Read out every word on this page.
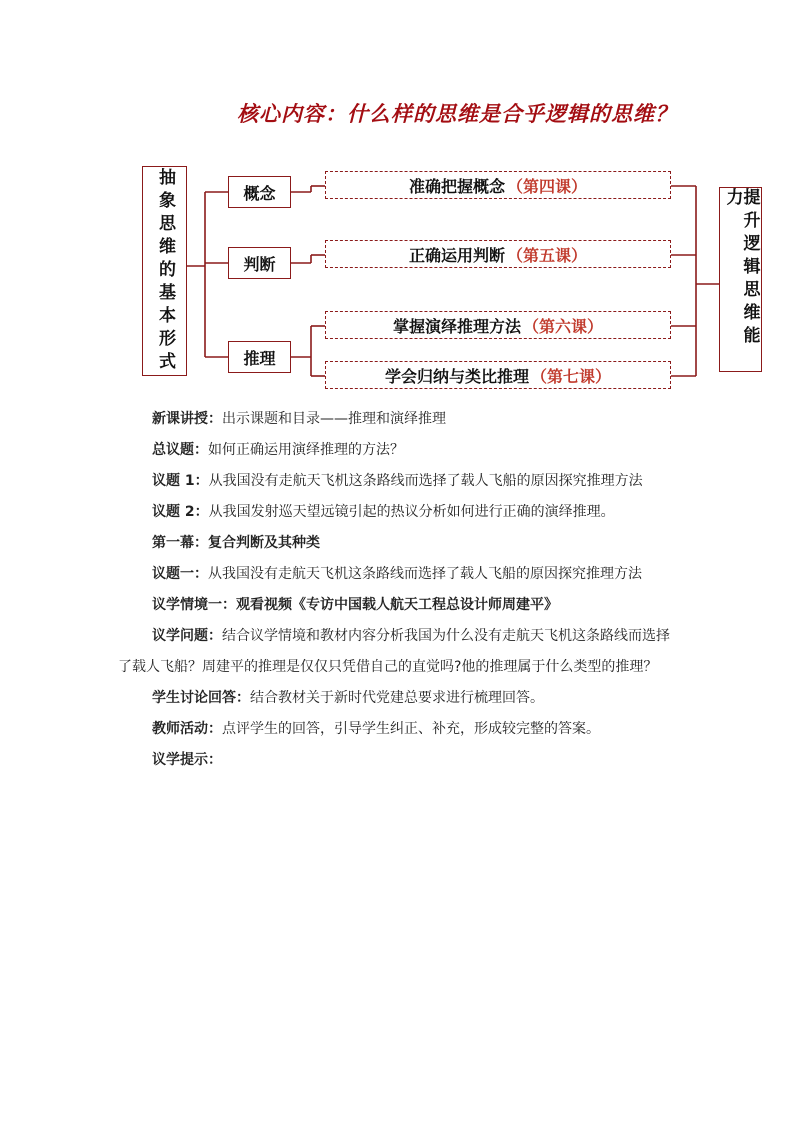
核心内容：什么样的思维是合乎逻辑的思维？
抽象思维的基本形式	提升逻辑思维能力
概念
判断
推理
准确把握概念 （第四课）
正确运用判断 （第五课）
掌握演绎推理方法 （第六课）
学会归纳与类比推理 （第七课）

新课讲授：出示课题和目录——推理和演绎推理

总议题：如何正确运用演绎推理的方法？

议题 1：从我国没有走航天飞机这条路线而选择了载人飞船的原因探究推理方法

议题 2：从我国发射巡天望远镜引起的热议分析如何进行正确的演绎推理。

第一幕：复合判断及其种类

议题一：从我国没有走航天飞机这条路线而选择了载人飞船的原因探究推理方法

议学情境一：观看视频《专访中国载人航天工程总设计师周建平》

议学问题：结合议学情境和教材内容分析我国为什么没有走航天飞机这条路线而选择了载人飞船？周建平的推理是仅仅只凭借自己的直觉吗?他的推理属于什么类型的推理？

学生讨论回答：结合教材关于新时代党建总要求进行梳理回答。

教师活动：点评学生的回答，引导学生纠正、补充，形成较完整的答案。

议学提示：
